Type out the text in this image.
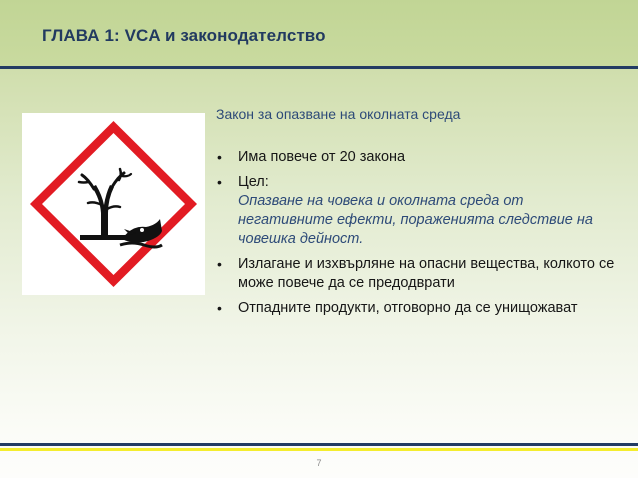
ГЛАВА 1: VCA и законодателство
Закон за опазване на околната среда
• Има повече от 20 закона
• Цел:
Опазване на човека и околната среда от негативните ефекти, пораженията следствие на човешка дейност.
• Излагане и изхвърляне на опасни вещества, колкото се може повече да се предодврати
• Отпадните продукти, отговорно да се унищожават
7
